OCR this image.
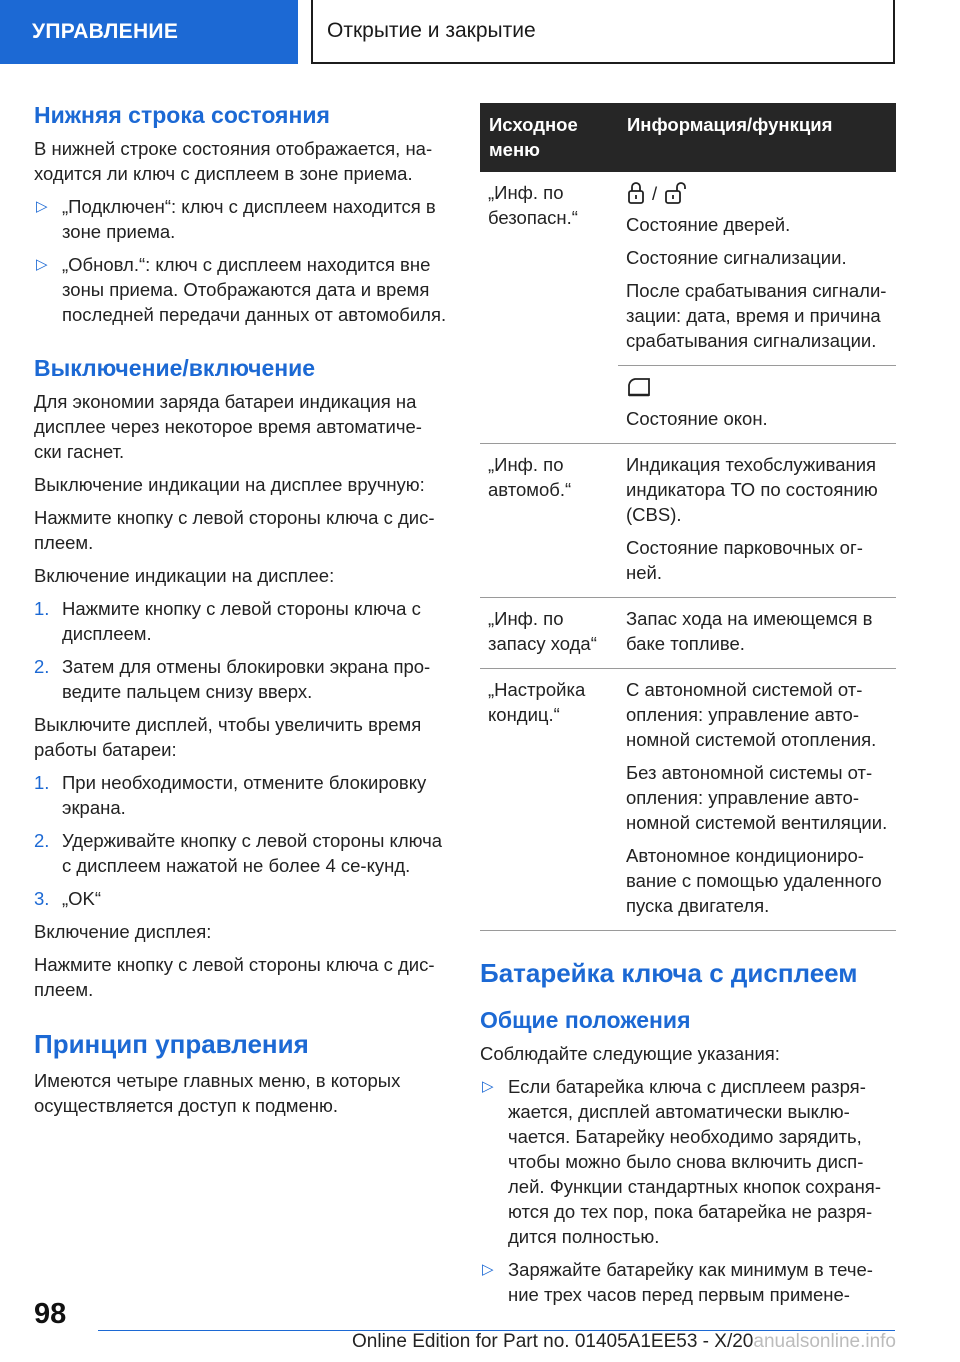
УПРАВЛЕНИЕ	Открытие и закрытие
Нижняя строка состояния

В нижней строке состояния отображается, на-ходится ли ключ с дисплеем в зоне приема.

▷ „Подключен“: ключ с дисплеем находится в зоне приема.
▷ „Обновл.“: ключ с дисплеем находится вне зоны приема. Отображаются дата и время последней передачи данных от автомобиля.
Выключение/включение

Для экономии заряда батареи индикация на дисплее через некоторое время автоматиче-ски гаснет.

Выключение индикации на дисплее вручную:

Нажмите кнопку с левой стороны ключа с дис-плеем.

Включение индикации на дисплее:

1. Нажмите кнопку с левой стороны ключа с дисплеем.
2. Затем для отмены блокировки экрана про-ведите пальцем снизу вверх.

Выключите дисплей, чтобы увеличить время работы батареи:

1. При необходимости, отмените блокировку экрана.
2. Удерживайте кнопку с левой стороны ключа с дисплеем нажатой не более 4 се-кунд.
3. „OK“

Включение дисплея:

Нажмите кнопку с левой стороны ключа с дис-плеем.

Принцип управления

Имеются четыре главных меню, в которых осуществляется доступ к подменю.

Исходное меню	Информация/функция
„Инф. по безопасн.“	/

Состояние дверей.

Состояние сигнализации.

После срабатывания сигнали-зации: дата, время и причина срабатывания сигнализации.

	Состояние окон.

„Инф. по автомоб.“	Индикация техобслуживания индикатора ТО по состоянию (CBS).

Состояние парковочных ог-ней.

„Инф. по запасу хода“	Запас хода на имеющемся в баке топливе.

„Настройка кондиц.“	С автономной системой от-опления: управление авто-номной системой отопления.

Без автономной системы от-опления: управление авто-номной системой вентиляции.

Автономное кондициониро-вание с помощью удаленного пуска двигателя.

Батарейка ключа с дисплеем
Общие положения

Соблюдайте следующие указания:

▷ Если батарейка ключа с дисплеем разря-жается, дисплей автоматически выклю-чается. Батарейку необходимо зарядить, чтобы можно было снова включить дисп-лей. Функции стандартных кнопок сохраня-ются до тех пор, пока батарейка не разря-дится полностью.
▷ Заряжайте батарейку как минимум в тече-ние трех часов перед первым примене-
98
Online Edition for Part no. 01405A1EE53 - X/20anualsonline.info
